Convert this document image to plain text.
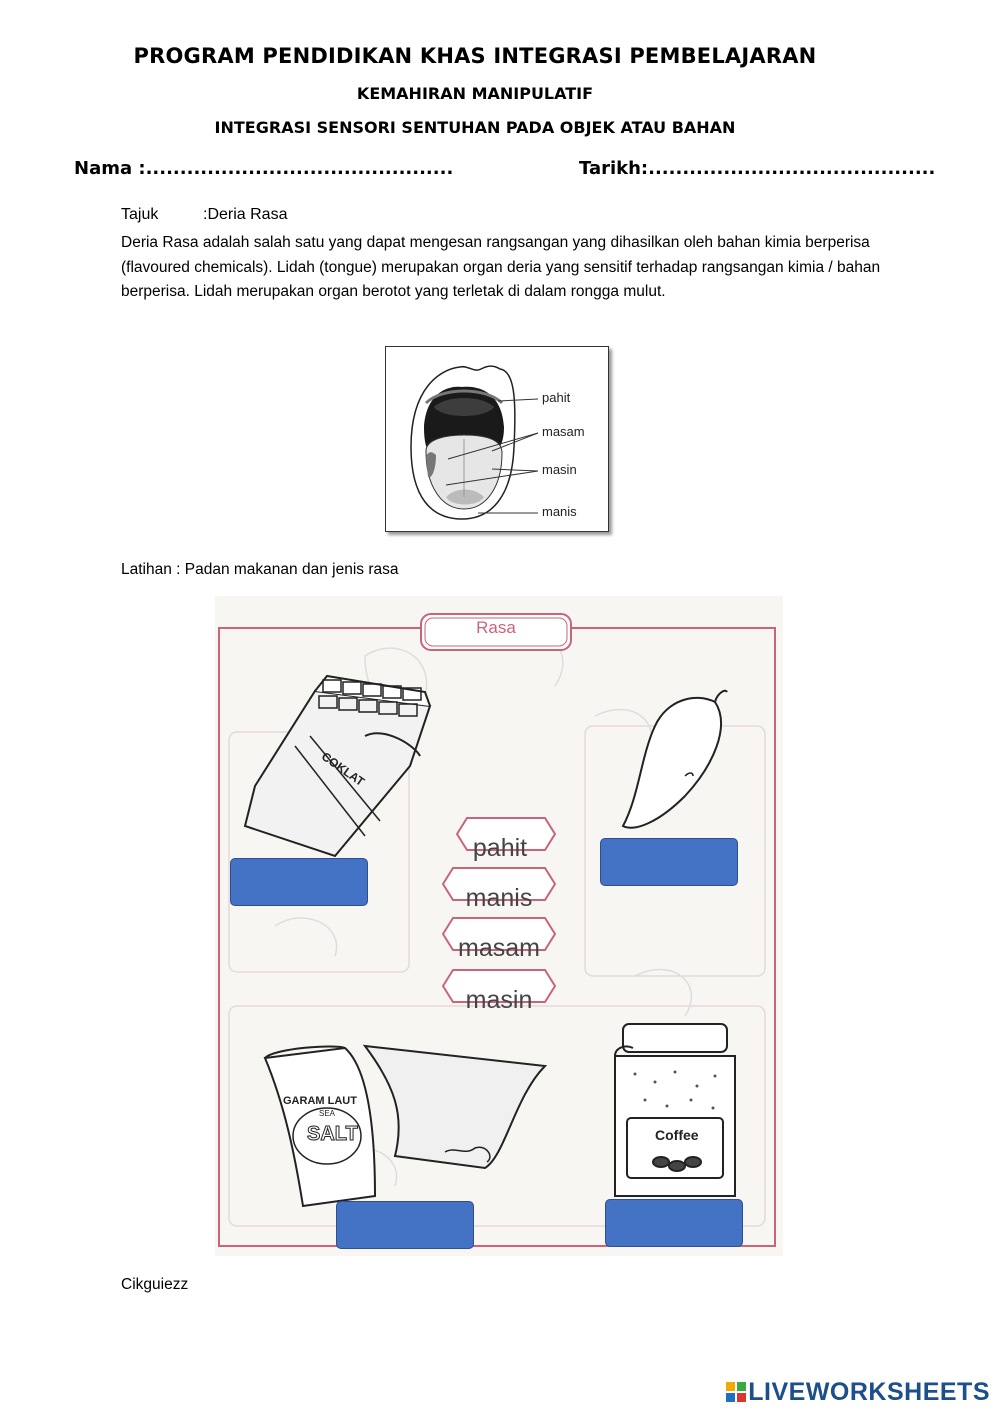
PROGRAM PENDIDIKAN KHAS INTEGRASI PEMBELAJARAN
KEMAHIRAN MANIPULATIF
INTEGRASI SENSORI SENTUHAN PADA OBJEK ATAU BAHAN
Nama :.............................................	Tarikh:..........................................
Tajuk	:Deria Rasa
Deria Rasa adalah salah satu yang dapat mengesan rangsangan yang dihasilkan oleh bahan kimia berperisa (flavoured chemicals). Lidah (tongue) merupakan organ deria yang sensitif terhadap rangsangan kimia / bahan berperisa. Lidah merupakan organ berotot yang terletak di dalam rongga mulut.
pahit
masam
masin
manis
Latihan : Padan makanan dan jenis rasa
COKLAT
GARAM LAUT
SEA
SALT	Coffee
Rasa
pahit
manis
masam
masin
Cikguiezz
LIVEWORKSHEETS
